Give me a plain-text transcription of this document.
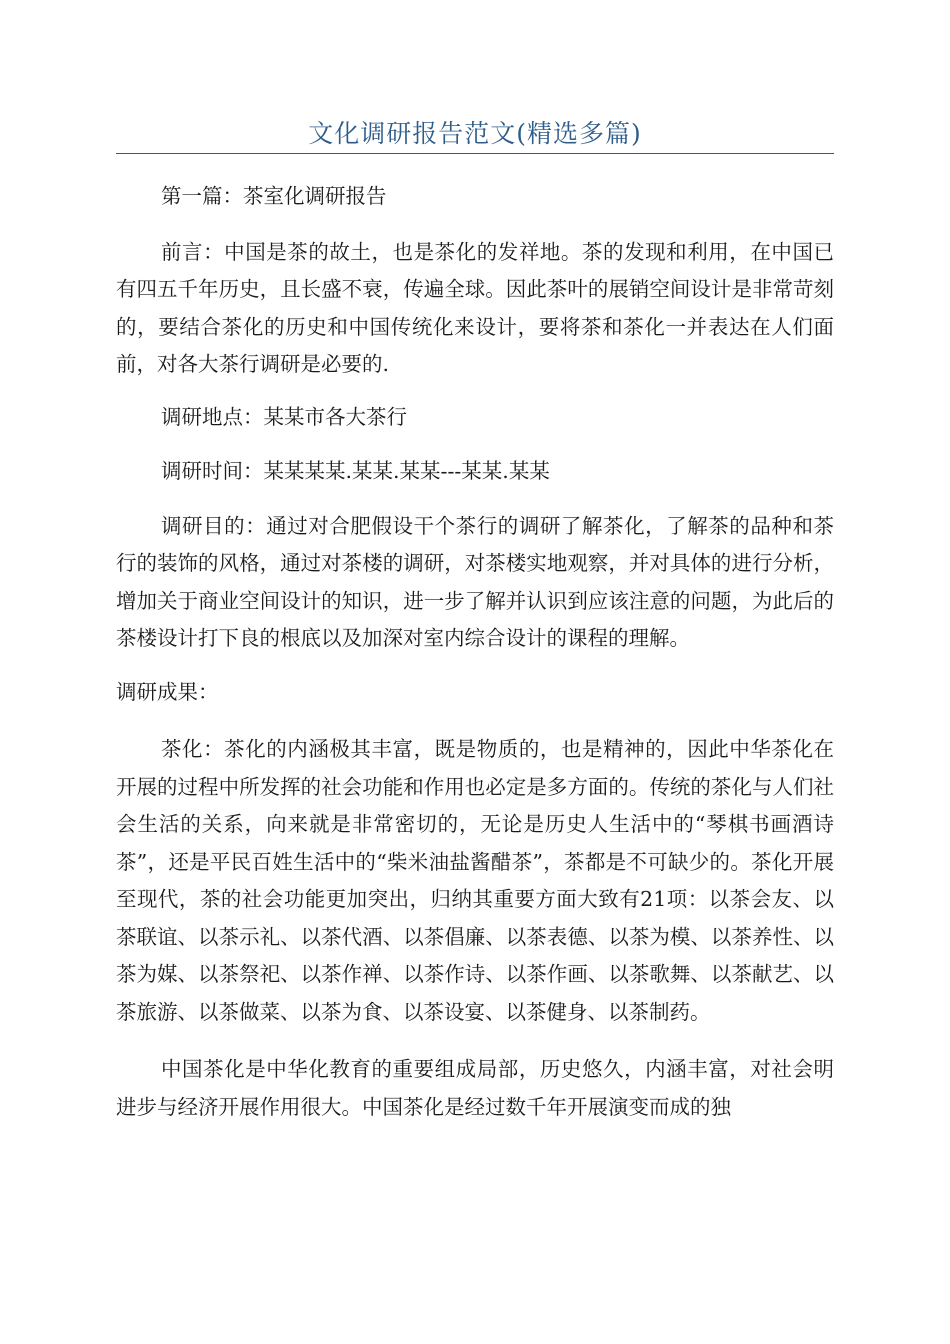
文化调研报告范文(精选多篇)

第一篇：茶室化调研报告

前言：中国是茶的故土，也是茶化的发祥地。茶的发现和利用，在中国已有四五千年历史，且长盛不衰，传遍全球。因此茶叶的展销空间设计是非常苛刻的，要结合茶化的历史和中国传统化来设计，要将茶和茶化一并表达在人们面前，对各大茶行调研是必要的.

调研地点：某某市各大茶行

调研时间：某某某某.某某.某某---某某.某某

调研目的：通过对合肥假设干个茶行的调研了解茶化，了解茶的品种和茶行的装饰的风格，通过对茶楼的调研，对茶楼实地观察，并对具体的进行分析，增加关于商业空间设计的知识，进一步了解并认识到应该注意的问题，为此后的茶楼设计打下良的根底以及加深对室内综合设计的课程的理解。

调研成果：

茶化：茶化的内涵极其丰富，既是物质的，也是精神的，因此中华茶化在开展的过程中所发挥的社会功能和作用也必定是多方面的。传统的茶化与人们社会生活的关系，向来就是非常密切的，无论是历史人生活中的“琴棋书画酒诗茶”，还是平民百姓生活中的“柴米油盐酱醋茶”，茶都是不可缺少的。茶化开展至现代，茶的社会功能更加突出，归纳其重要方面大致有21项：以茶会友、以茶联谊、以茶示礼、以茶代酒、以茶倡廉、以茶表德、以茶为模、以茶养性、以茶为媒、以茶祭祀、以茶作禅、以茶作诗、以茶作画、以茶歌舞、以茶献艺、以茶旅游、以茶做菜、以茶为食、以茶设宴、以茶健身、以茶制药。

中国茶化是中华化教育的重要组成局部，历史悠久，内涵丰富，对社会明进步与经济开展作用很大。中国茶化是经过数千年开展演变而成的独
